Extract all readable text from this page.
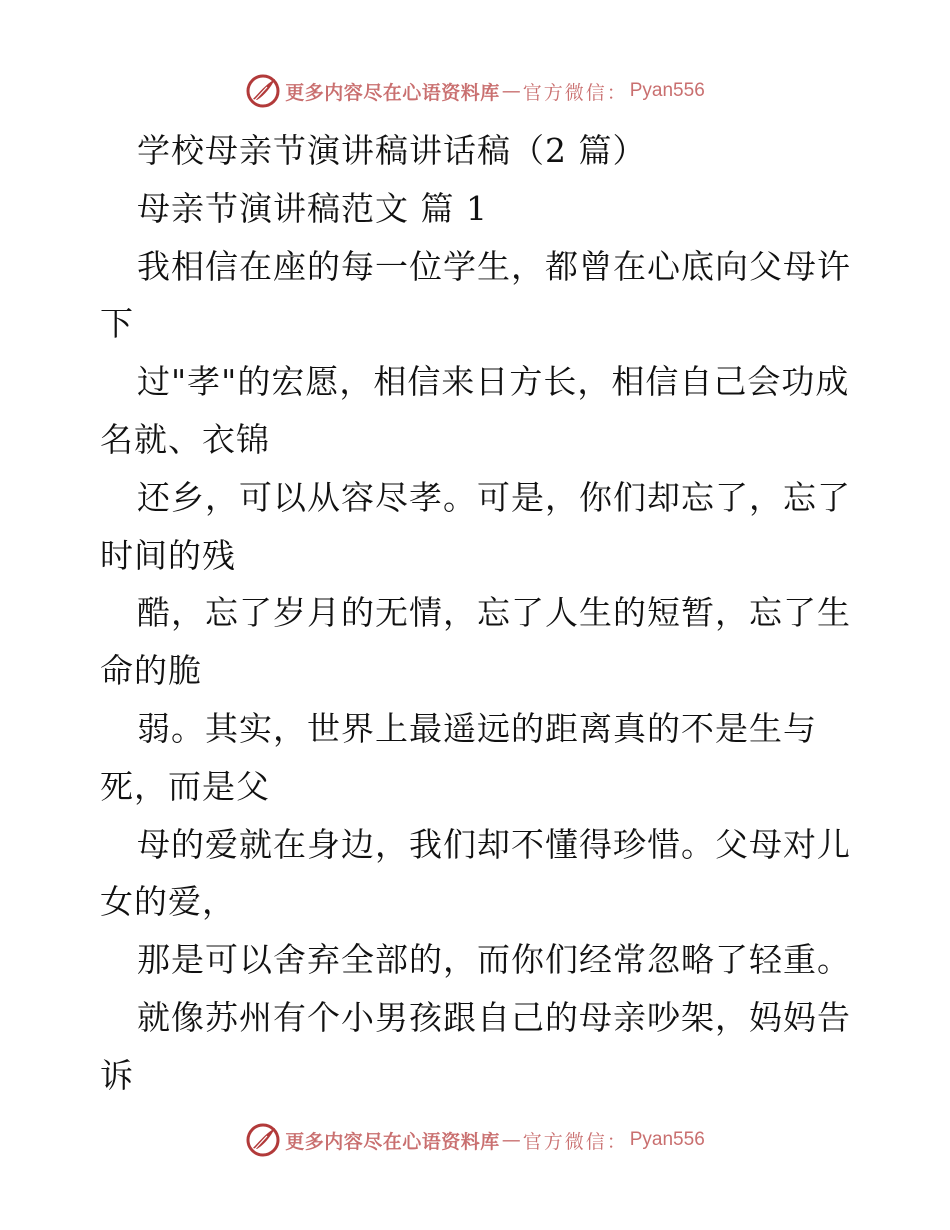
更多内容尽在心语资料库 — 官方微信： Pyan556
学校母亲节演讲稿讲话稿（2 篇）
母亲节演讲稿范文 篇 1
我相信在座的每一位学生，都曾在心底向父母许
下
过"孝"的宏愿，相信来日方长，相信自己会功成
名就、衣锦
还乡，可以从容尽孝。可是，你们却忘了，忘了
时间的残
酷，忘了岁月的无情，忘了人生的短暂，忘了生
命的脆
弱。其实，世界上最遥远的距离真的不是生与
死，而是父
母的爱就在身边，我们却不懂得珍惜。父母对儿
女的爱，
那是可以舍弃全部的，而你们经常忽略了轻重。
就像苏州有个小男孩跟自己的母亲吵架，妈妈告
诉
更多内容尽在心语资料库 — 官方微信： Pyan556
